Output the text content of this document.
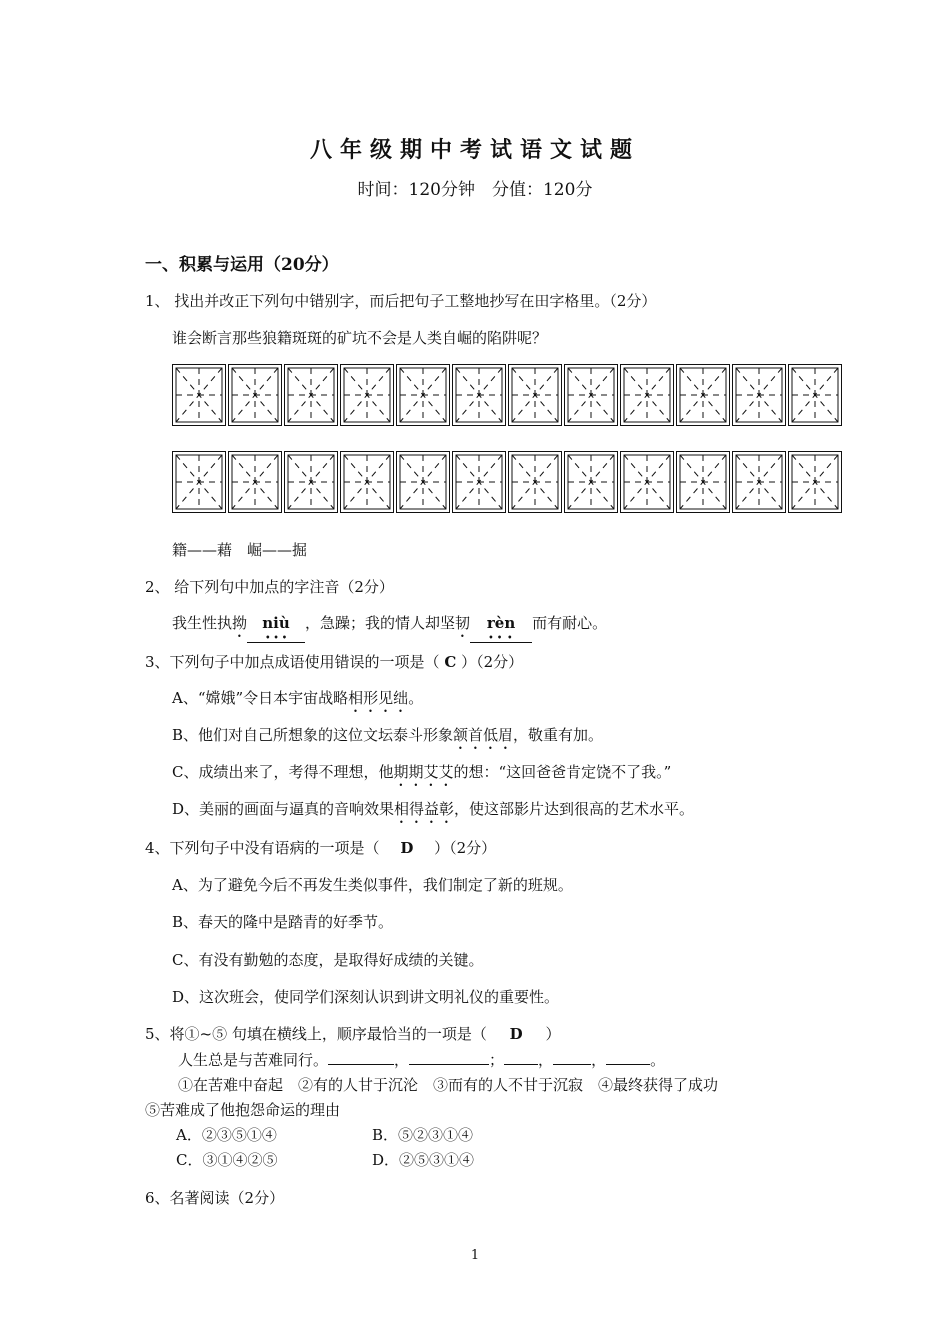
八年级期中考试语文试题
时间：120分钟　分值：120分
一、积累与运用（20分）
1、 找出并改正下列句中错别字，而后把句子工整地抄写在田字格里。（2分）
谁会断言那些狼籍斑斑的矿坑不会是人类自崛的陷阱呢？
籍——藉　崛——掘
2、 给下列句中加点的字注音（2分）
我生性执拗 niù ，急躁；我的情人却坚韧 rèn 而有耐心。
3、下列句子中加点成语使用错误的一项是（ C ）（2分）
A、“嫦娥”令日本宇宙战略相形见绌。
B、他们对自己所想象的这位文坛泰斗形象颔首低眉，敬重有加。
C、成绩出来了，考得不理想，他期期艾艾的想：“这回爸爸肯定饶不了我。”
D、美丽的画面与逼真的音响效果相得益彰，使这部影片达到很高的艺术水平。
4、下列句子中没有语病的一项是（ D ）（2分）
A、为了避免今后不再发生类似事件，我们制定了新的班规。
B、春天的隆中是踏青的好季节。
C、有没有勤勉的态度，是取得好成绩的关键。
D、这次班会，使同学们深刻认识到讲文明礼仪的重要性。
5、将①~⑤ 句填在横线上，顺序最恰当的一项是（ D ）
人生总是与苦难同行。	，	； ，	，	。
①在苦难中奋起　②有的人甘于沉沦　③而有的人不甘于沉寂　④最终获得了成功
⑤苦难成了他抱怨命运的理由
A．②③⑤①④	B．⑤②③①④
C．③①④②⑤	D．②⑤③①④
6、名著阅读（2分）
1
